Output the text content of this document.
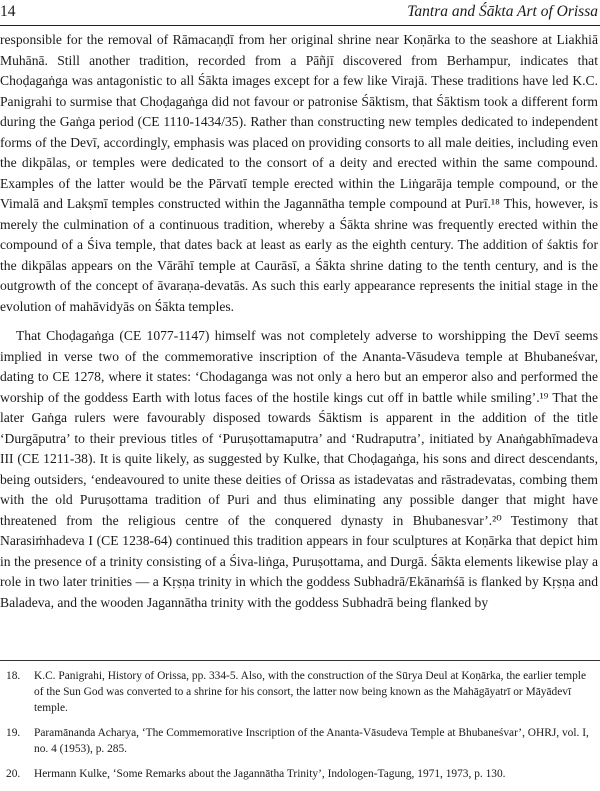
14	Tantra and Śākta Art of Orissa

responsible for the removal of Rāmacaṇḍī from her original shrine near Koṇārka to the seashore at Liakhiā Muhānā. Still another tradition, recorded from a Pāñjī discovered from Berhampur, indicates that Choḍagaṅga was antagonistic to all Śākta images except for a few like Virajā. These traditions have led K.C. Panigrahi to surmise that Choḍagaṅga did not favour or patronise Śāktism, that Śāktism took a different form during the Gaṅga period (CE 1110-1434/35). Rather than constructing new temples dedicated to independent forms of the Devī, accordingly, emphasis was placed on providing consorts to all male deities, including even the dikpālas, or temples were dedicated to the consort of a deity and erected within the same compound. Examples of the latter would be the Pārvatī temple erected within the Liṅgarāja temple compound, or the Vimalā and Lakṣmī temples constructed within the Jagannātha temple compound at Purī.¹⁸ This, however, is merely the culmination of a continuous tradition, whereby a Śākta shrine was frequently erected within the compound of a Śiva temple, that dates back at least as early as the eighth century. The addition of śaktis for the dikpālas appears on the Vārāhī temple at Caurāsī, a Śākta shrine dating to the tenth century, and is the outgrowth of the concept of āvaraṇa-devatās. As such this early appearance represents the initial stage in the evolution of mahāvidyās on Śākta temples.

That Choḍagaṅga (CE 1077-1147) himself was not completely adverse to worshipping the Devī seems implied in verse two of the commemorative inscription of the Ananta-Vāsudeva temple at Bhubaneśvar, dating to CE 1278, where it states: ‘Chodaganga was not only a hero but an emperor also and performed the worship of the goddess Earth with lotus faces of the hostile kings cut off in battle while smiling’.¹⁹ That the later Gaṅga rulers were favourably disposed towards Śāktism is apparent in the addition of the title ‘Durgāputra’ to their previous titles of ‘Puruṣottamaputra’ and ‘Rudraputra’, initiated by Anaṅgabhīmadeva III (CE 1211-38). It is quite likely, as suggested by Kulke, that Choḍagaṅga, his sons and direct descendants, being outsiders, ‘endeavoured to unite these deities of Orissa as istadevatas and rāstradevatas, combing them with the old Puruṣottama tradition of Puri and thus eliminating any possible danger that might have threatened from the religious centre of the conquered dynasty in Bhubanesvar’.²⁰ Testimony that Narasiṁhadeva I (CE 1238-64) continued this tradition appears in four sculptures at Koṇārka that depict him in the presence of a trinity consisting of a Śiva-liṅga, Puruṣottama, and Durgā. Śākta elements likewise play a role in two later trinities — a Kṛṣṇa trinity in which the goddess Subhadrā/Ekānaṁśā is flanked by Kṛṣṇa and Baladeva, and the wooden Jagannātha trinity with the goddess Subhadrā being flanked by

18.	K.C. Panigrahi, History of Orissa, pp. 334-5. Also, with the construction of the Sūrya Deul at Koṇārka, the earlier temple of the Sun God was converted to a shrine for his consort, the latter now being known as the Mahāgāyatrī or Māyādevī temple.
19.	Paramānanda Acharya, ‘The Commemorative Inscription of the Ananta-Vāsudeva Temple at Bhubaneśvar’, OHRJ, vol. I, no. 4 (1953), p. 285.
20.	Hermann Kulke, ‘Some Remarks about the Jagannātha Trinity’, Indologen-Tagung, 1971, 1973, p. 130.
